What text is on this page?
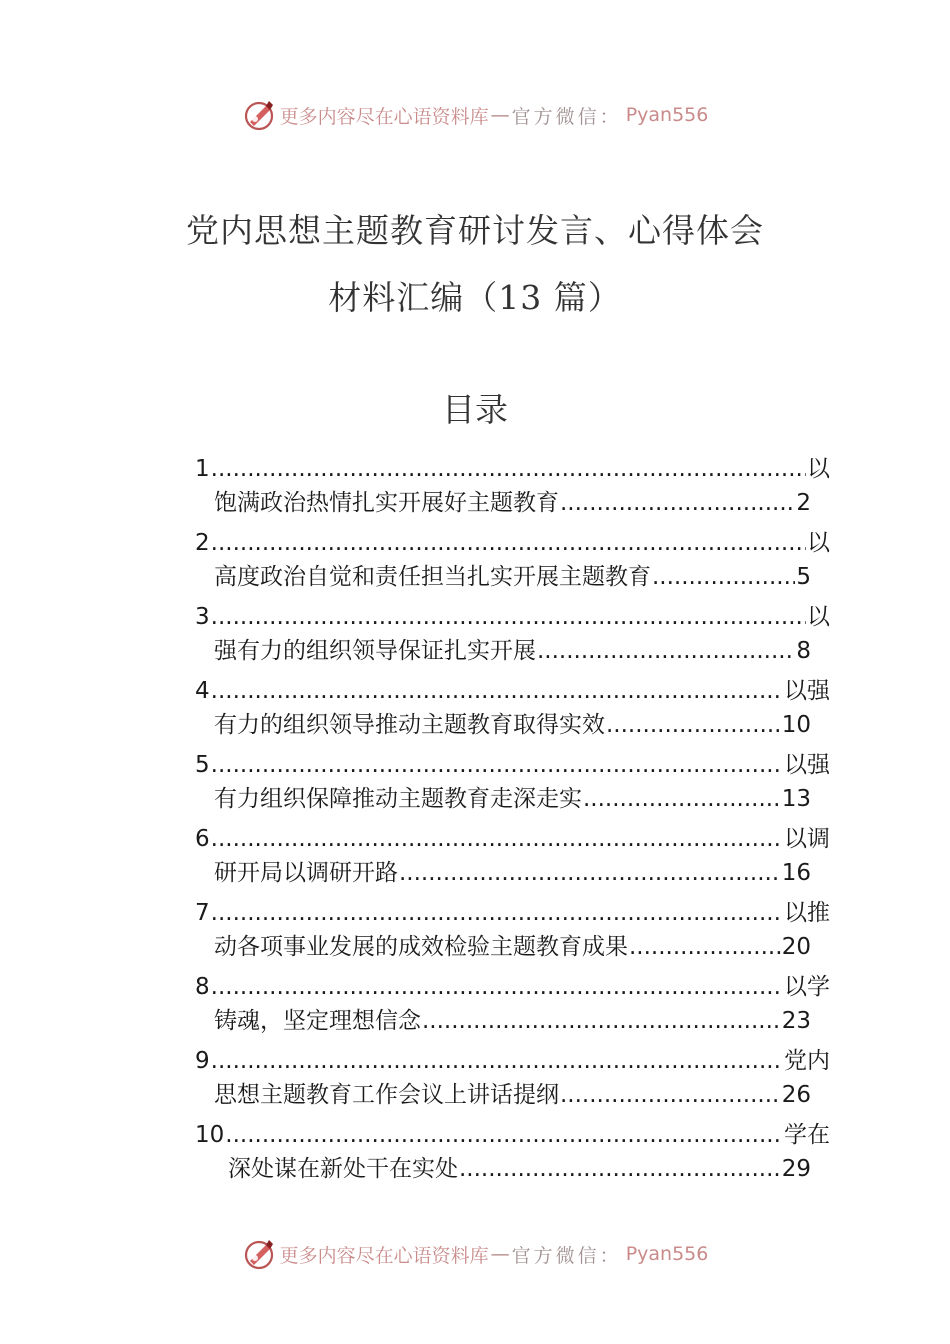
更多内容尽在心语资料库 — 官方微信： Pyan556
党内思想主题教育研讨发言、心得体会
材料汇编（13 篇）
目录
1 .....	以
饱满政治热情扎实开展好主题教育 .....	2
2 .....	以
高度政治自觉和责任担当扎实开展主题教育 .....	5
3 .....	以
强有力的组织领导保证扎实开展 .....	8
4 .....	以强
有力的组织领导推动主题教育取得实效 .....	10
5 .....	以强
有力组织保障推动主题教育走深走实 .....	13
6 .....	以调
研开局以调研开路 .....	16
7 .....	以推
动各项事业发展的成效检验主题教育成果 .....	20
8 .....	以学
铸魂，坚定理想信念 .....	23
9 .....	党内
思想主题教育工作会议上讲话提纲 .....	26
10 .....	学在
深处谋在新处干在实处 .....	29
更多内容尽在心语资料库 — 官方微信： Pyan556
